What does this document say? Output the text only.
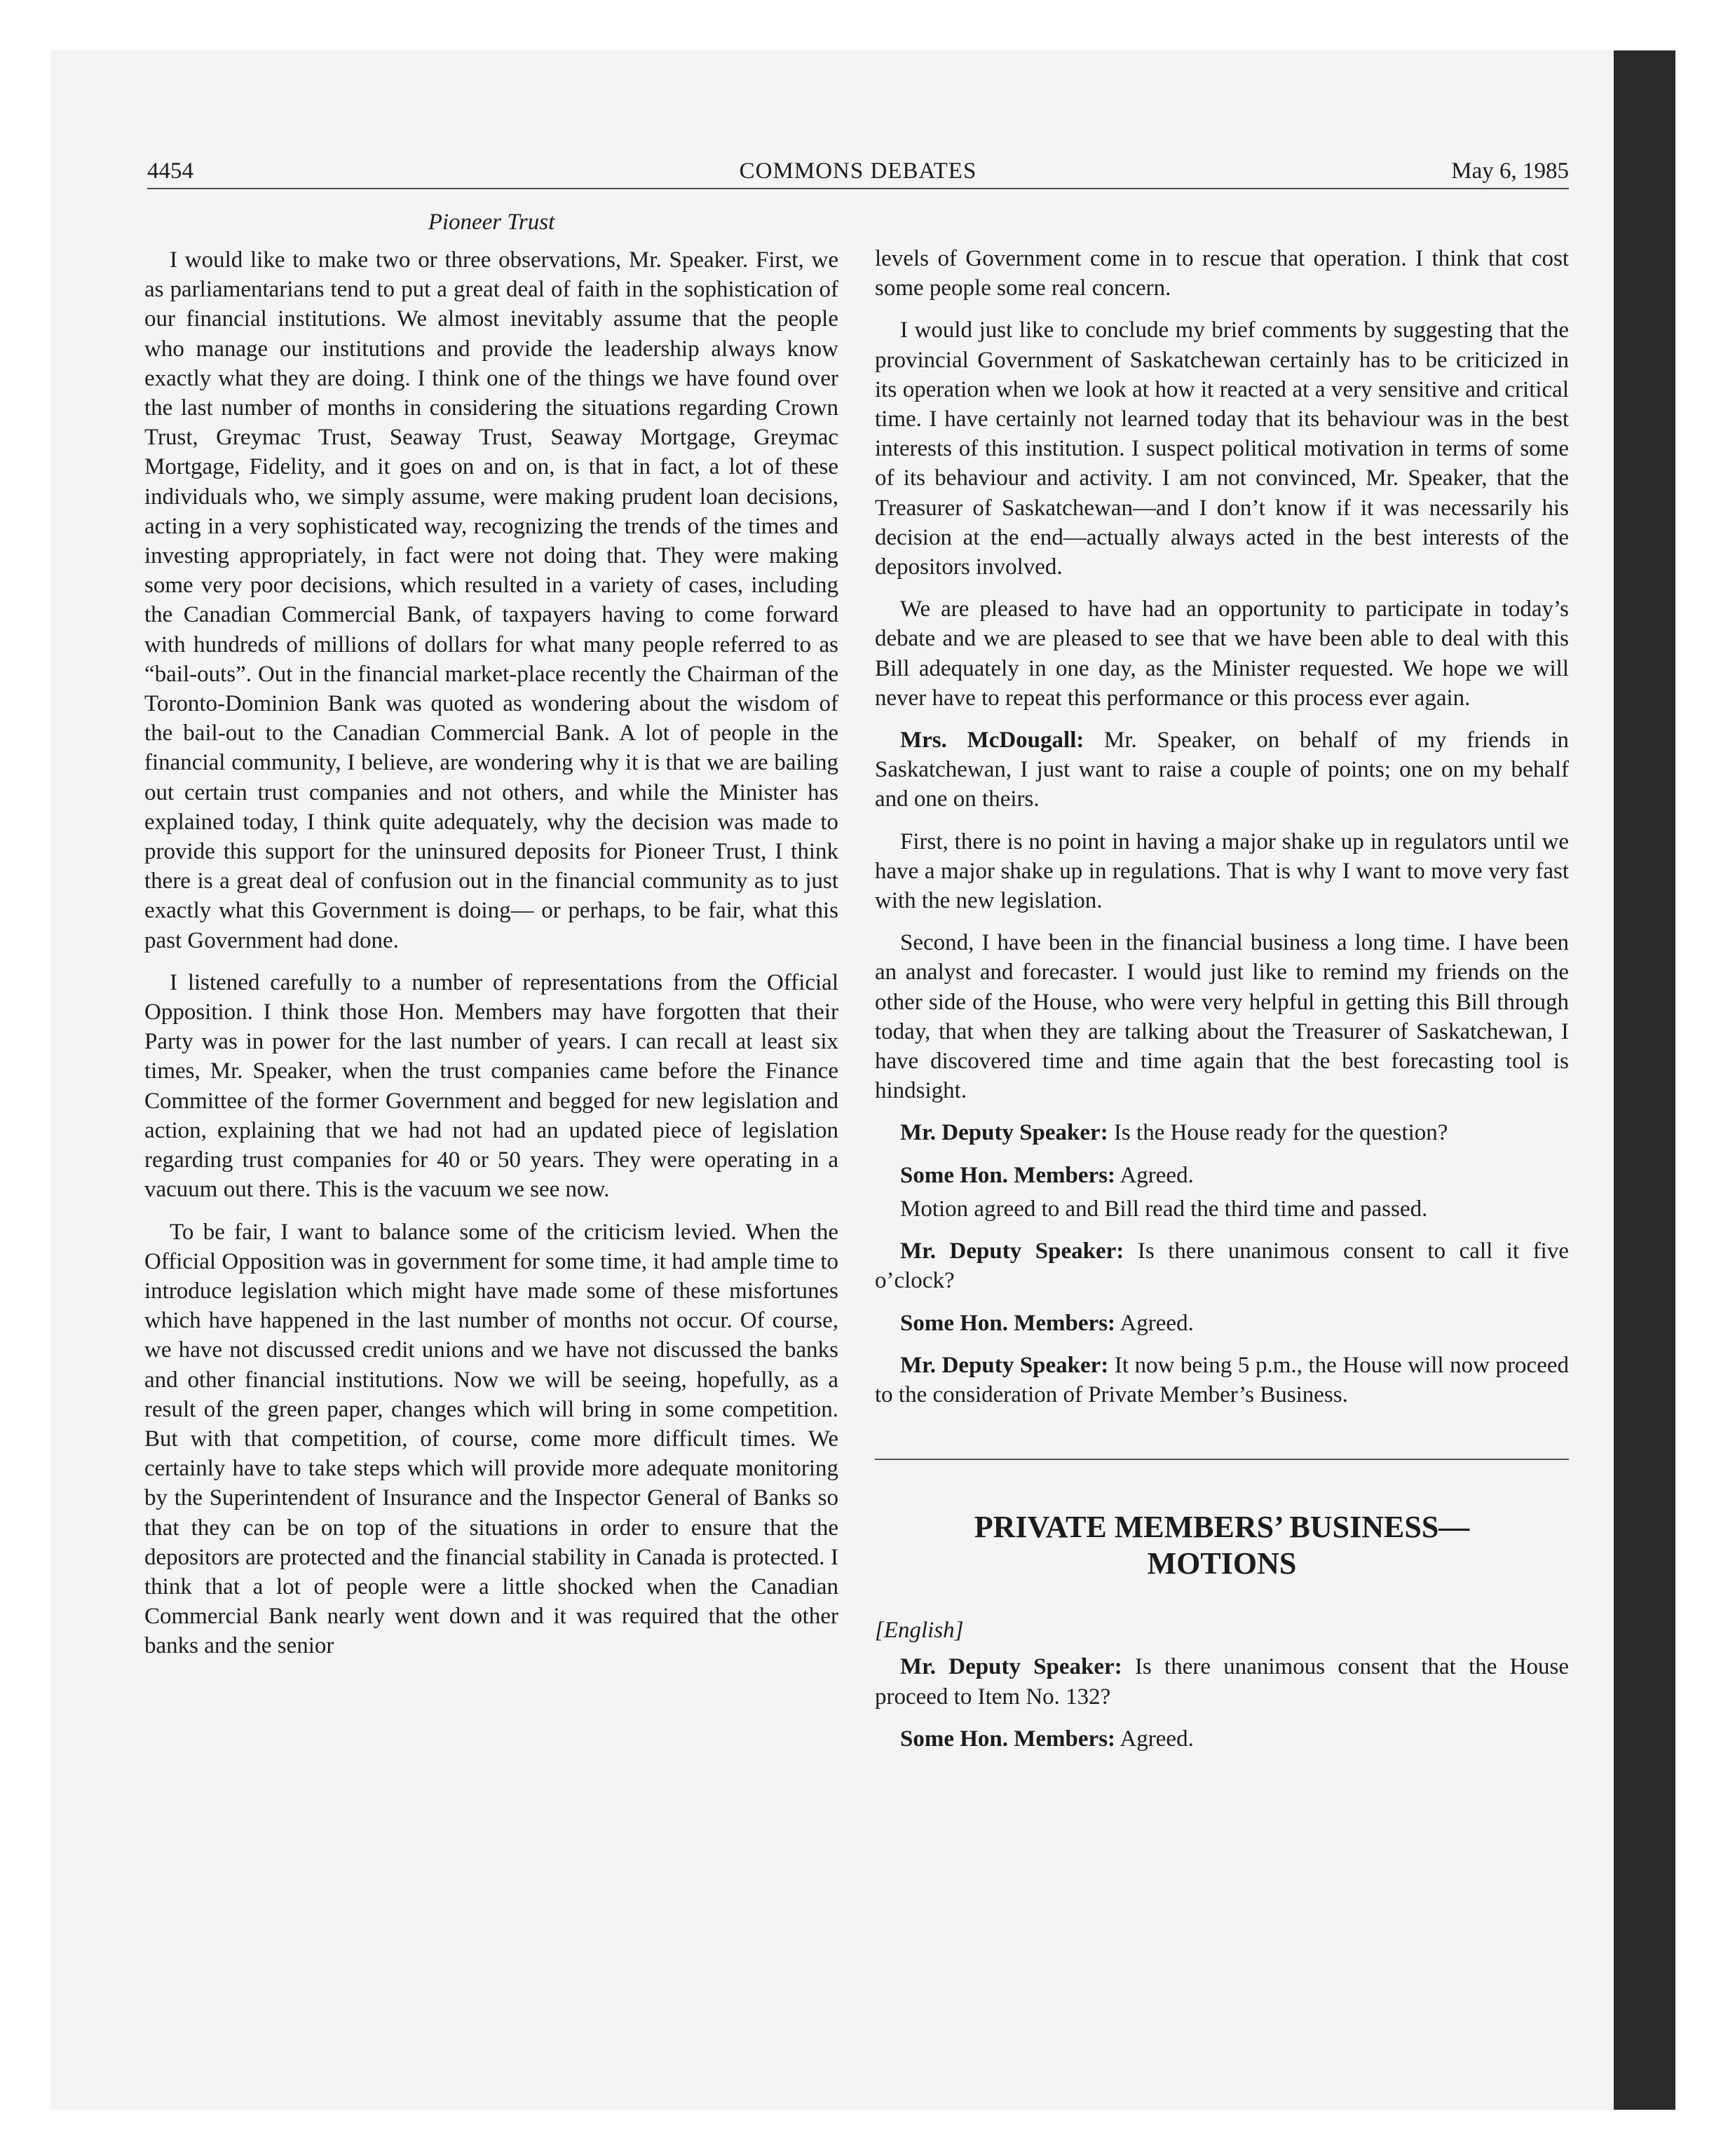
4454	COMMONS DEBATES	May 6, 1985
Pioneer Trust

I would like to make two or three observations, Mr. Speaker. First, we as parliamentarians tend to put a great deal of faith in the sophistication of our financial institutions. We almost inevitably assume that the people who manage our institutions and provide the leadership always know exactly what they are doing. I think one of the things we have found over the last number of months in considering the situations regarding Crown Trust, Greymac Trust, Seaway Trust, Seaway Mortgage, Greymac Mortgage, Fidelity, and it goes on and on, is that in fact, a lot of these individuals who, we simply assume, were making prudent loan decisions, acting in a very sophisticated way, recognizing the trends of the times and investing appropriately, in fact were not doing that. They were making some very poor decisions, which resulted in a variety of cases, including the Canadian Commercial Bank, of taxpayers having to come forward with hundreds of millions of dollars for what many people referred to as “bail-outs”. Out in the financial market-place recently the Chairman of the Toronto-Dominion Bank was quoted as wondering about the wisdom of the bail-out to the Canadian Commercial Bank. A lot of people in the financial community, I believe, are wondering why it is that we are bailing out certain trust companies and not others, and while the Minister has explained today, I think quite adequately, why the decision was made to provide this support for the uninsured deposits for Pioneer Trust, I think there is a great deal of confusion out in the financial community as to just exactly what this Government is doing— or perhaps, to be fair, what this past Government had done.

I listened carefully to a number of representations from the Official Opposition. I think those Hon. Members may have forgotten that their Party was in power for the last number of years. I can recall at least six times, Mr. Speaker, when the trust companies came before the Finance Committee of the former Government and begged for new legislation and action, explaining that we had not had an updated piece of legislation regarding trust companies for 40 or 50 years. They were operating in a vacuum out there. This is the vacuum we see now.

To be fair, I want to balance some of the criticism levied. When the Official Opposition was in government for some time, it had ample time to introduce legislation which might have made some of these misfortunes which have happened in the last number of months not occur. Of course, we have not discussed credit unions and we have not discussed the banks and other financial institutions. Now we will be seeing, hopefully, as a result of the green paper, changes which will bring in some competition. But with that competition, of course, come more difficult times. We certainly have to take steps which will provide more adequate monitoring by the Superintendent of Insurance and the Inspector General of Banks so that they can be on top of the situations in order to ensure that the depositors are protected and the financial stability in Canada is protected. I think that a lot of people were a little shocked when the Canadian Commercial Bank nearly went down and it was required that the other banks and the senior

levels of Government come in to rescue that operation. I think that cost some people some real concern.

I would just like to conclude my brief comments by suggesting that the provincial Government of Saskatchewan certainly has to be criticized in its operation when we look at how it reacted at a very sensitive and critical time. I have certainly not learned today that its behaviour was in the best interests of this institution. I suspect political motivation in terms of some of its behaviour and activity. I am not convinced, Mr. Speaker, that the Treasurer of Saskatchewan—and I don’t know if it was necessarily his decision at the end—actually always acted in the best interests of the depositors involved.

We are pleased to have had an opportunity to participate in today’s debate and we are pleased to see that we have been able to deal with this Bill adequately in one day, as the Minister requested. We hope we will never have to repeat this performance or this process ever again.

Mrs. McDougall: Mr. Speaker, on behalf of my friends in Saskatchewan, I just want to raise a couple of points; one on my behalf and one on theirs.

First, there is no point in having a major shake up in regulators until we have a major shake up in regulations. That is why I want to move very fast with the new legislation.

Second, I have been in the financial business a long time. I have been an analyst and forecaster. I would just like to remind my friends on the other side of the House, who were very helpful in getting this Bill through today, that when they are talking about the Treasurer of Saskatchewan, I have discovered time and time again that the best forecasting tool is hindsight.

Mr. Deputy Speaker: Is the House ready for the question?

Some Hon. Members: Agreed.

Motion agreed to and Bill read the third time and passed.

Mr. Deputy Speaker: Is there unanimous consent to call it five o’clock?

Some Hon. Members: Agreed.

Mr. Deputy Speaker: It now being 5 p.m., the House will now proceed to the consideration of Private Member’s Business.

PRIVATE MEMBERS’ BUSINESS—
MOTIONS
[English]

Mr. Deputy Speaker: Is there unanimous consent that the House proceed to Item No. 132?

Some Hon. Members: Agreed.
